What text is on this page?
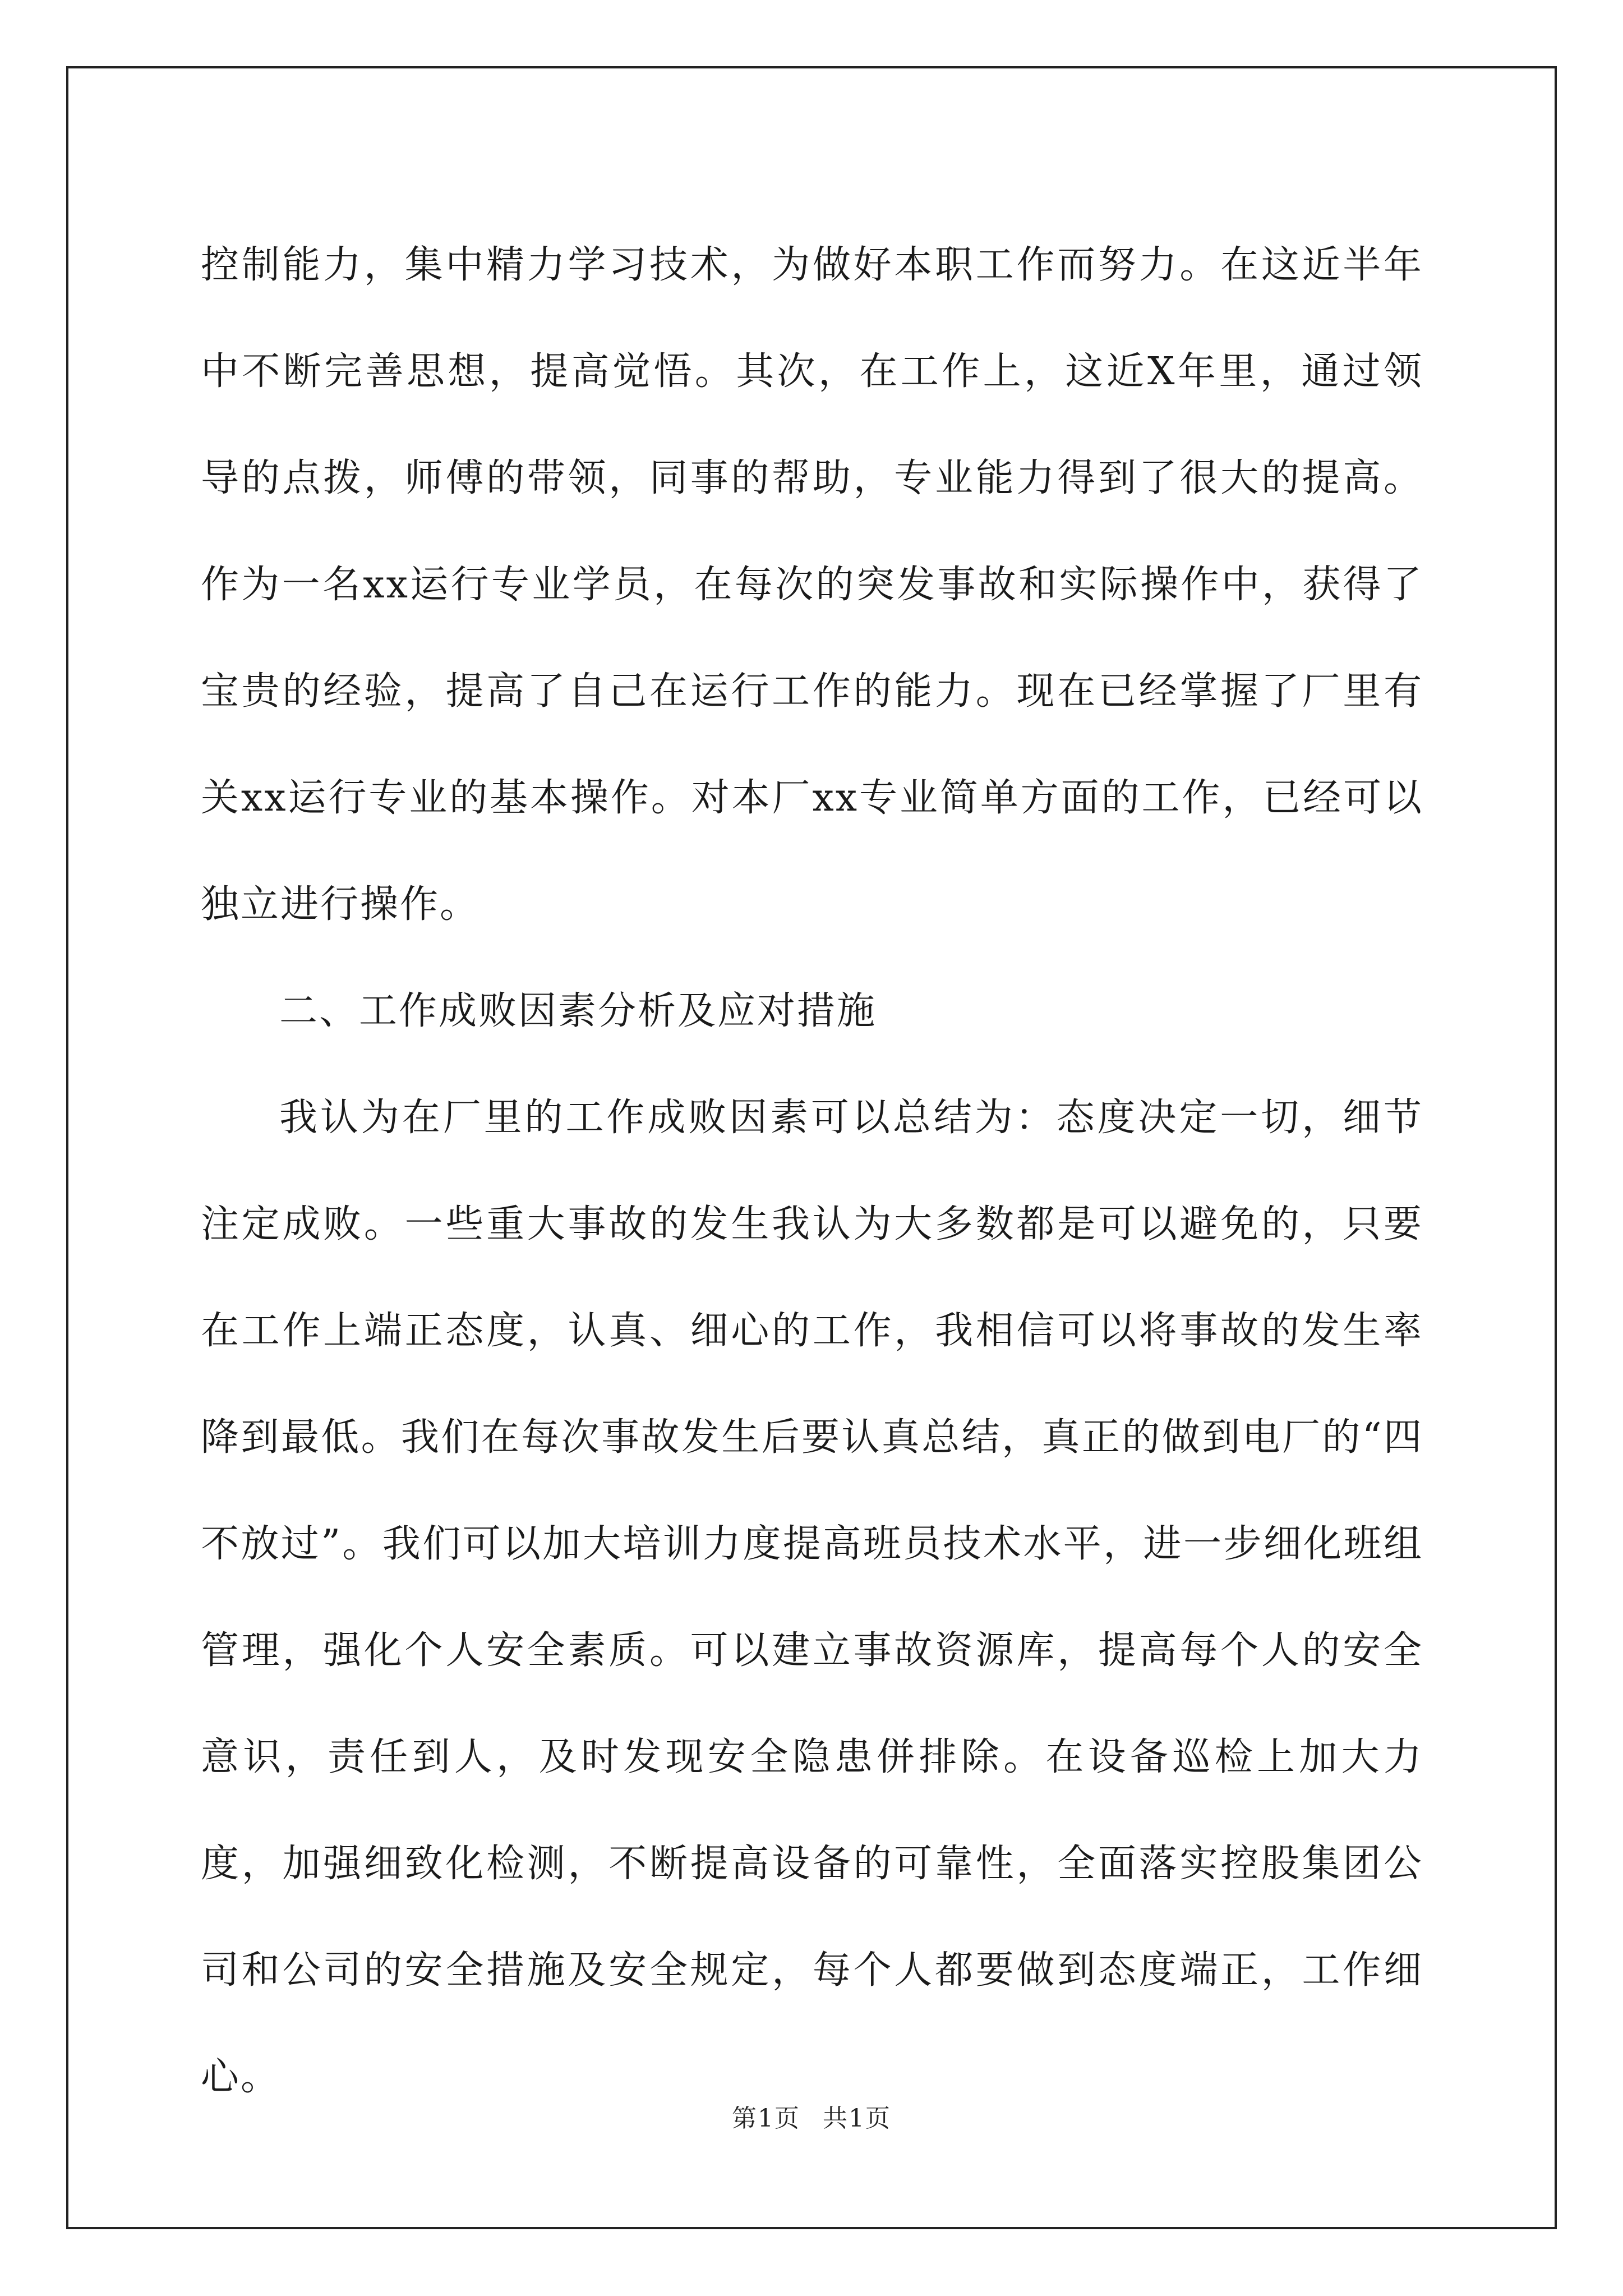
控制能力，集中精力学习技术，为做好本职工作而努力。在这近半年中不断完善思想，提高觉悟。其次，在工作上，这近X年里，通过领导的点拨，师傅的带领，同事的帮助，专业能力得到了很大的提高。作为一名xx运行专业学员，在每次的突发事故和实际操作中，获得了宝贵的经验，提高了自己在运行工作的能力。现在已经掌握了厂里有关xx运行专业的基本操作。对本厂xx专业简单方面的工作，已经可以独立进行操作。

二、工作成败因素分析及应对措施

我认为在厂里的工作成败因素可以总结为：态度决定一切，细节注定成败。一些重大事故的发生我认为大多数都是可以避免的，只要在工作上端正态度，认真、细心的工作，我相信可以将事故的发生率降到最低。我们在每次事故发生后要认真总结，真正的做到电厂的“四不放过”。我们可以加大培训力度提高班员技术水平，进一步细化班组管理，强化个人安全素质。可以建立事故资源库，提高每个人的安全意识，责任到人，及时发现安全隐患併排除。在设备巡检上加大力度，加强细致化检测，不断提高设备的可靠性，全面落实控股集团公司和公司的安全措施及安全规定，每个人都要做到态度端正，工作细心。

第1页 共1页
